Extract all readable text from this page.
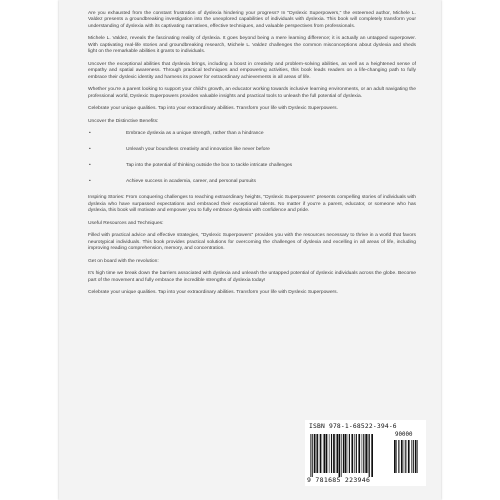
Are you exhausted from the constant frustration of dyslexia hindering your progress? In "Dyslexic Superpowers," the esteemed author, Michele L. Valdez presents a groundbreaking investigation into the unexplored capabilities of individuals with dyslexia. This book will completely transform your understanding of dyslexia with its captivating narratives, effective techniques, and valuable perspectives from professionals.

Michele L. Valdez, reveals the fascinating reality of dyslexia. It goes beyond being a mere learning difference; it is actually an untapped superpower. With captivating real-life stories and groundbreaking research, Michele L. Valdez challenges the common misconceptions about dyslexia and sheds light on the remarkable abilities it grants to individuals.

Uncover the exceptional abilities that dyslexia brings, including a boost in creativity and problem-solving abilities, as well as a heightened sense of empathy and spatial awareness. Through practical techniques and empowering activities, this book leads readers on a life-changing path to fully embrace their dyslexic identity and harness its power for extraordinary achievements in all areas of life.

Whether you're a parent looking to support your child's growth, an educator working towards inclusive learning environments, or an adult navigating the professional world, Dyslexic Superpowers provides valuable insights and practical tools to unleash the full potential of dyslexia.

Celebrate your unique qualities. Tap into your extraordinary abilities. Transform your life with Dyslexic Superpowers.

Uncover the Distinctive Benefits:

•	Embrace dyslexia as a unique strength, rather than a hindrance
•	Unleash your boundless creativity and innovation like never before
•	Tap into the potential of thinking outside the box to tackle intricate challenges
•	Achieve success in academia, career, and personal pursuits

Inspiring Stories: From conquering challenges to reaching extraordinary heights, "Dyslexic Superpowers" presents compelling stories of individuals with dyslexia who have surpassed expectations and embraced their exceptional talents. No matter if you're a parent, educator, or someone who has dyslexia, this book will motivate and empower you to fully embrace dyslexia with confidence and pride.

Useful Resources and Techniques:

Filled with practical advice and effective strategies, "Dyslexic Superpowers" provides you with the resources necessary to thrive in a world that favors neurotypical individuals. This book provides practical solutions for overcoming the challenges of dyslexia and excelling in all areas of life, including improving reading comprehension, memory, and concentration.

Get on board with the revolution:

It's high time we break down the barriers associated with dyslexia and unleash the untapped potential of dyslexic individuals across the globe. Become part of the movement and fully embrace the incredible strengths of dyslexia today!

Celebrate your unique qualities. Tap into your extraordinary abilities. Transform your life with Dyslexic Superpowers.

ISBN 978-1-68522-394-6
90000
9 781685 223946
